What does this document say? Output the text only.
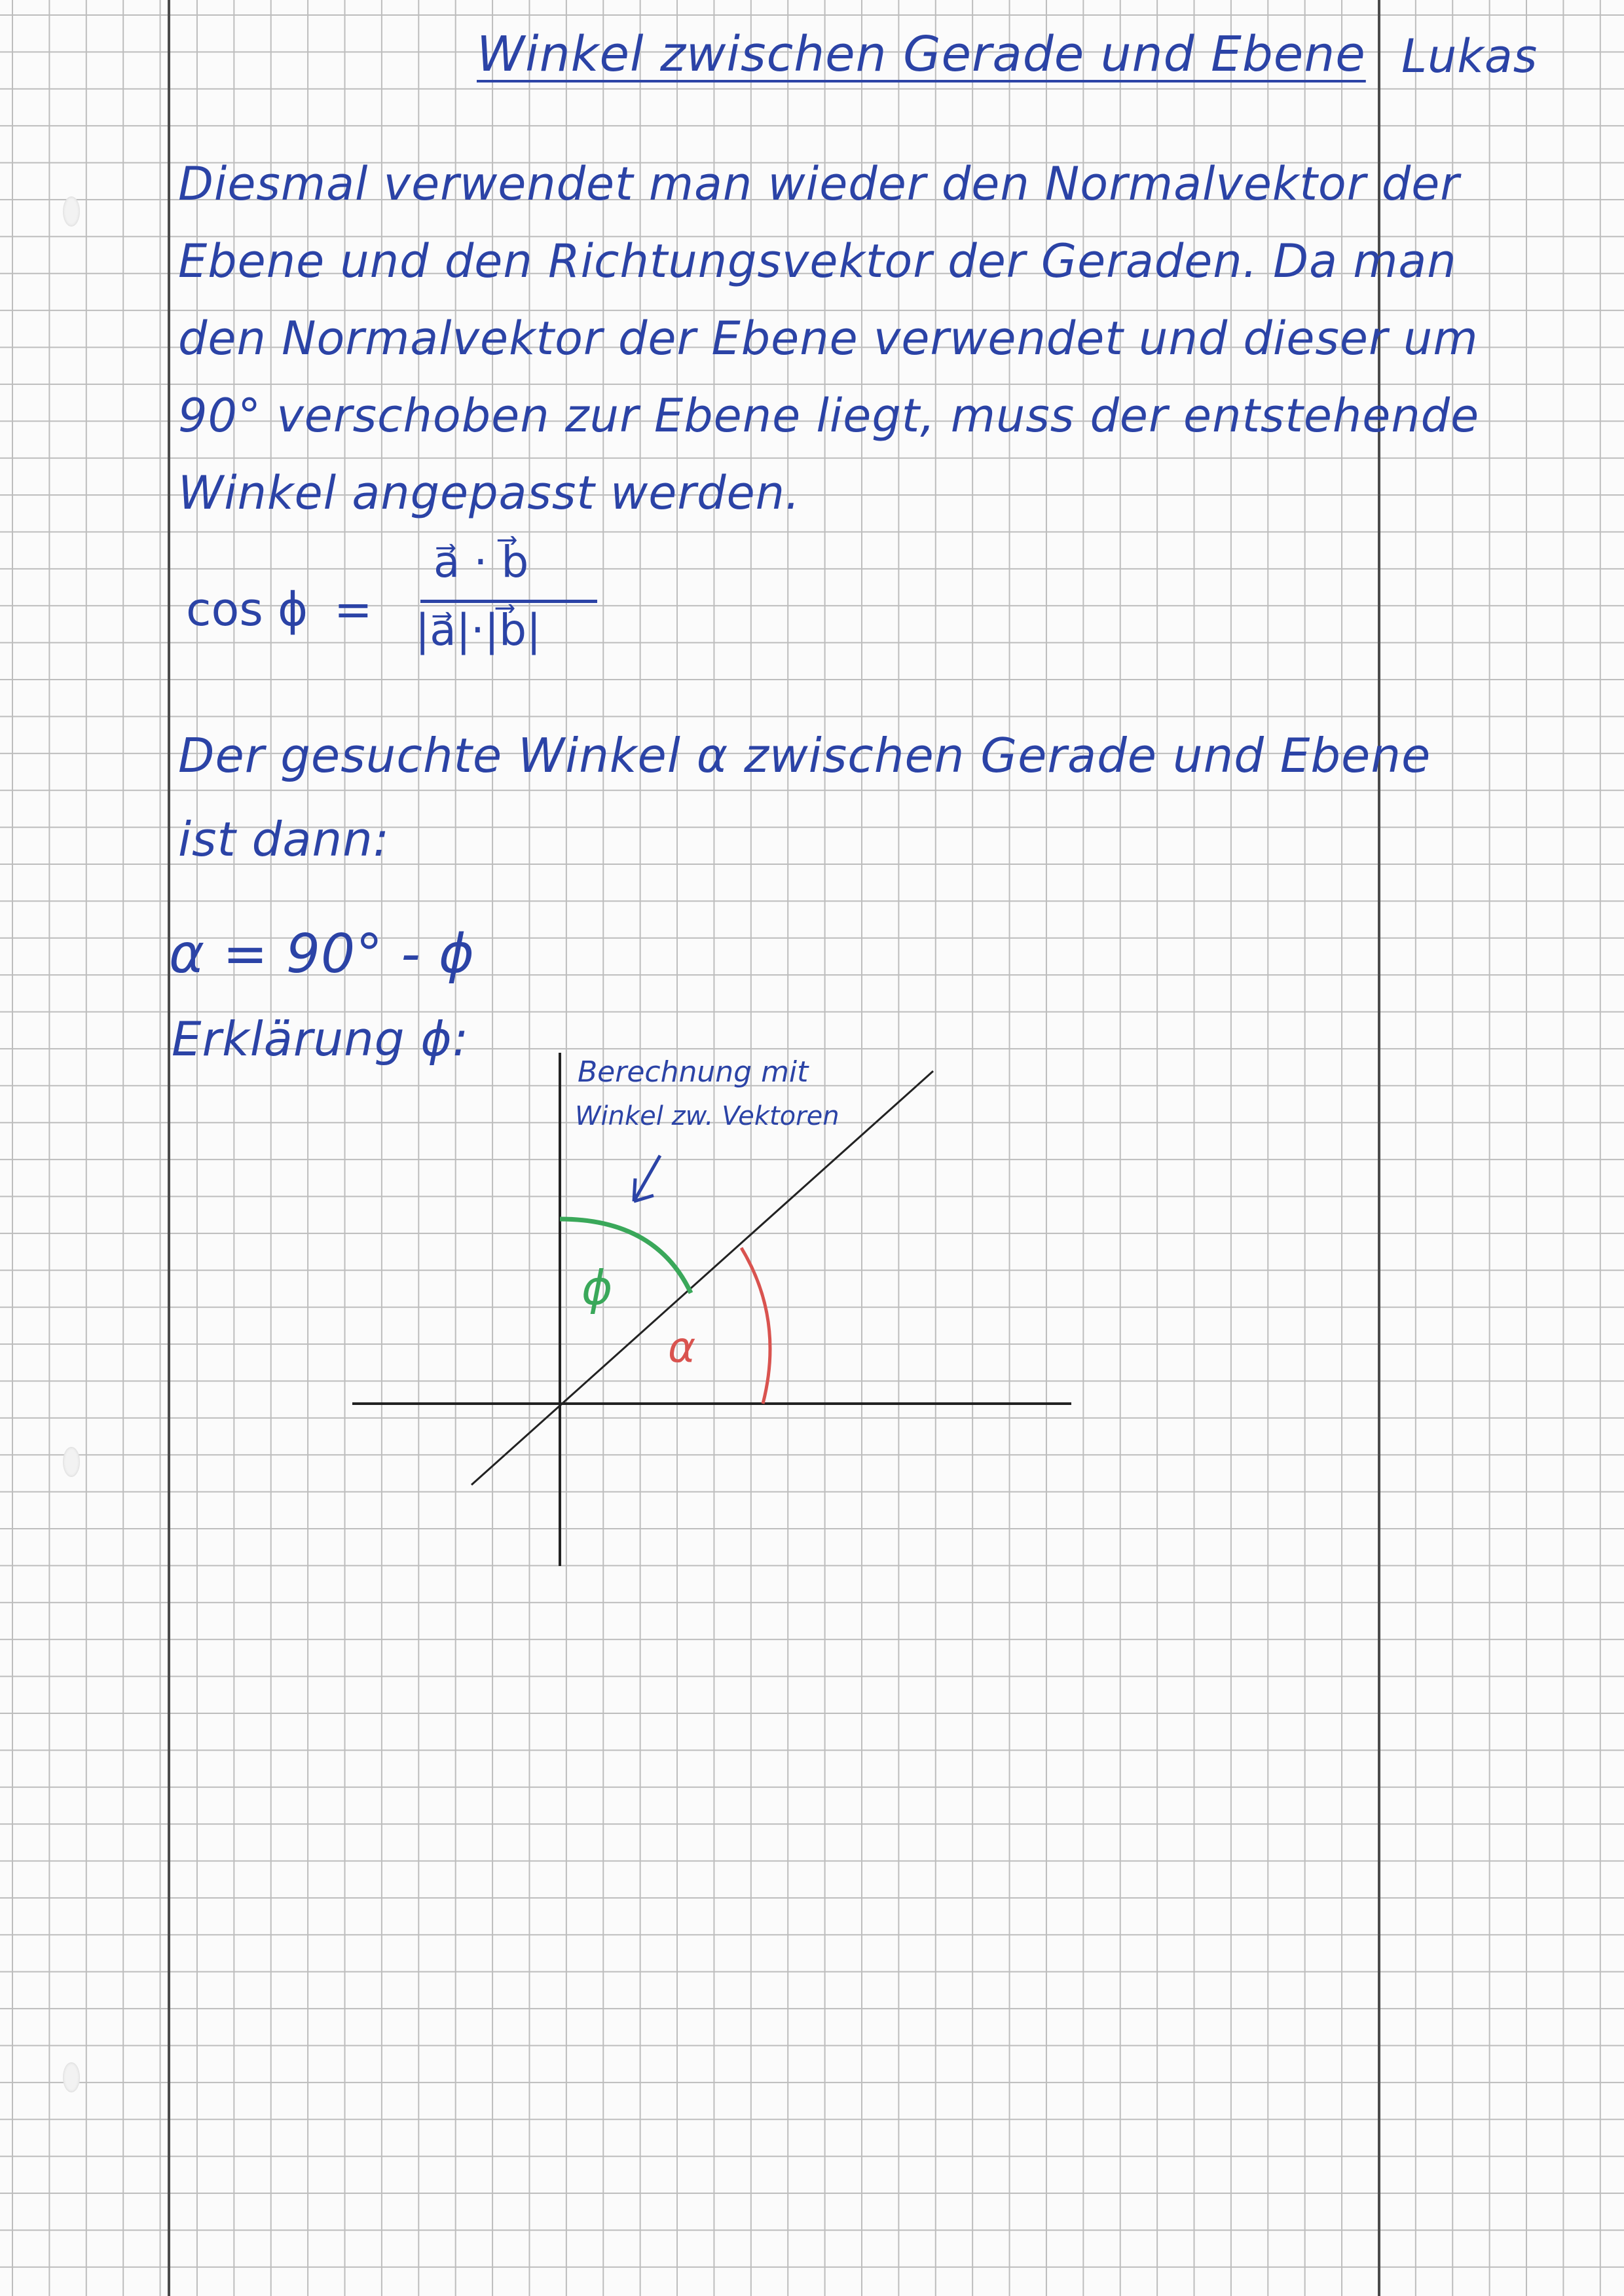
Winkel zwischen Gerade und Ebene Lukas
Diesmal verwendet man wieder den Normalvektor der
Ebene und den Richtungsvektor der Geraden. Da man
den Normalvektor der Ebene verwendet und dieser um
90° verschoben zur Ebene liegt, muss der entstehende
Winkel angepasst werden.
cos ϕ =
a⃗ · b⃗
|a⃗|·|b⃗|
Der gesuchte Winkel α zwischen Gerade und Ebene
ist dann:
α = 90° - ϕ
Erklärung ϕ:
ϕ
α
Berechnung mit
Winkel zw. Vektoren
